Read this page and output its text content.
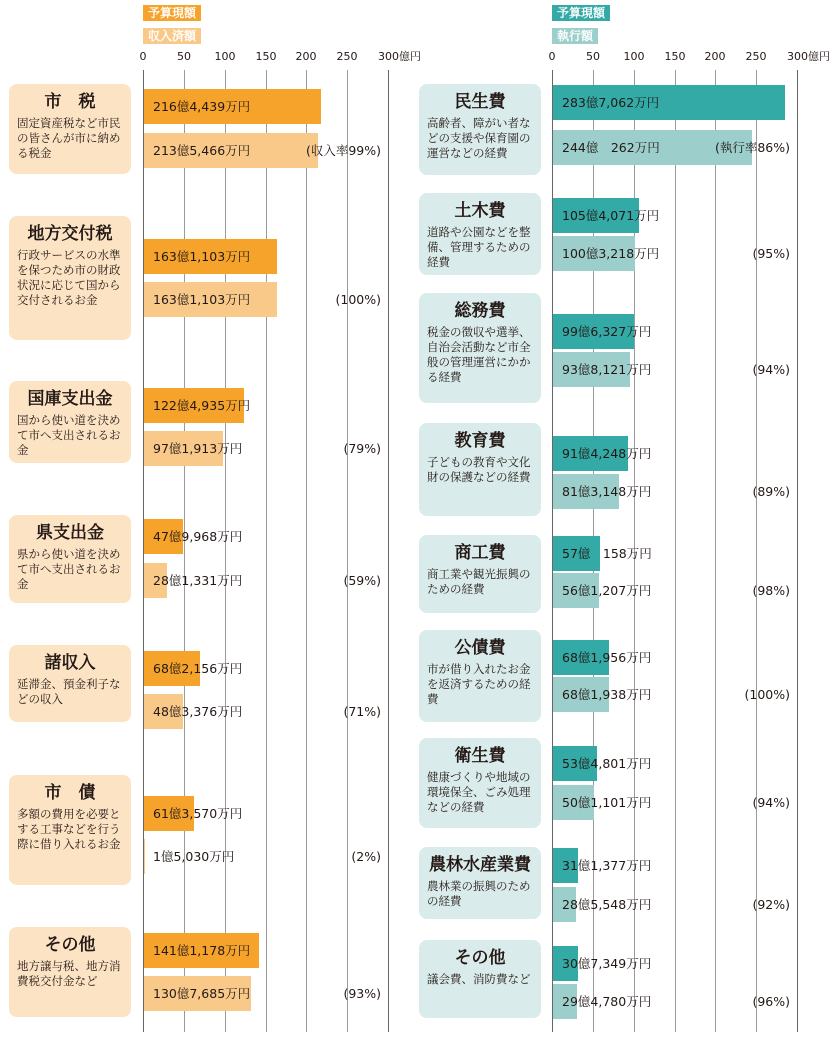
予算現額
収入済額
0	50 100 150 200 250 300億円
市　税
固定資産税など市民の皆さんが市に納める税金
216億4,439万円
213億5,466万円	(収入率99%)
地方交付税
行政サービスの水準を保つため市の財政状況に応じて国から交付されるお金
163億1,103万円
163億1,103万円	(100%)
国庫支出金
国から使い道を決めて市へ支出されるお金
122億4,935万円
97億1,913万円	(79%)
県支出金
県から使い道を決めて市へ支出されるお金
47億9,968万円
28億1,331万円	(59%)
諸収入
延滞金、預金利子などの収入
68億2,156万円
48億3,376万円	(71%)
市　債
多額の費用を必要とする工事などを行う際に借り入れるお金
61億3,570万円
1億5,030万円	(2%)
その他
地方譲与税、地方消費税交付金など
141億1,178万円
130億7,685万円	(93%)
予算現額
執行額
0	50 100 150 200 250 300億円
民生費
高齢者、障がい者などの支援や保育園の運営などの経費
283億7,062万円
244億　262万円	(執行率86%)
土木費
道路や公園などを整備、管理するための経費
105億4,071万円
100億3,218万円	(95%)
総務費
税金の徴収や選挙、自治会活動など市全般の管理運営にかかる経費
99億6,327万円
93億8,121万円	(94%)
教育費
子どもの教育や文化財の保護などの経費
91億4,248万円
81億3,148万円	(89%)
商工費
商工業や観光振興のための経費
57億　158万円
56億1,207万円	(98%)
公債費
市が借り入れたお金を返済するための経費
68億1,956万円
68億1,938万円	(100%)
衛生費
健康づくりや地域の環境保全、ごみ処理などの経費
53億4,801万円
50億1,101万円	(94%)
農林水産業費
農林業の振興のための経費
31億1,377万円
28億5,548万円	(92%)
その他
議会費、消防費など
30億7,349万円
29億4,780万円	(96%)
